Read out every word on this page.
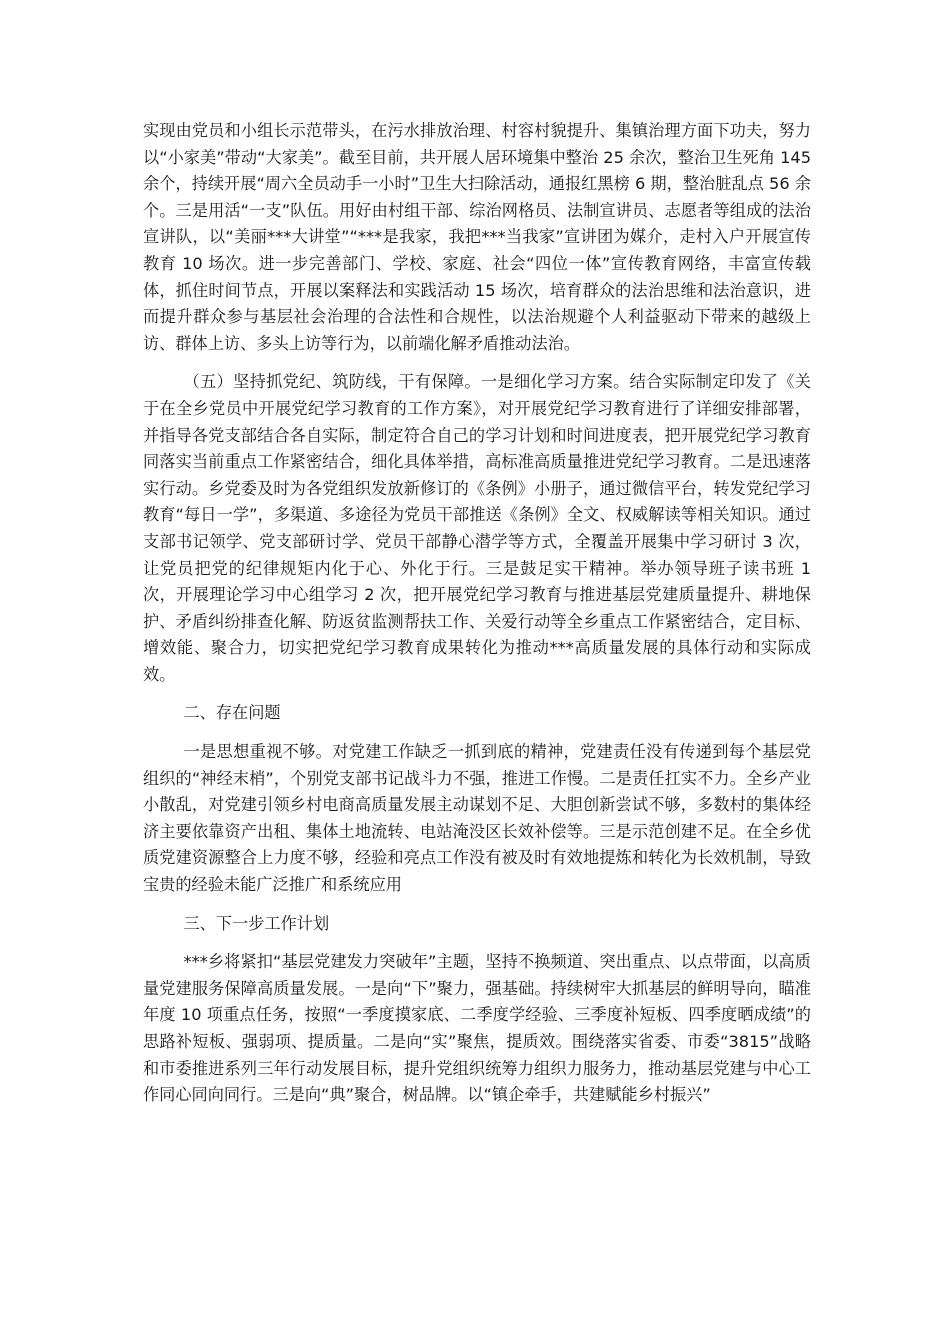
实现由党员和小组长示范带头，在污水排放治理、村容村貌提升、集镇治理方面下功夫，努力以“小家美”带动“大家美”。截至目前，共开展人居环境集中整治 25 余次，整治卫生死角 145 余个，持续开展“周六全员动手一小时”卫生大扫除活动，通报红黑榜 6 期，整治脏乱点 56 余个。三是用活“一支”队伍。用好由村组干部、综治网格员、法制宣讲员、志愿者等组成的法治宣讲队，以“美丽***大讲堂”“***是我家，我把***当我家”宣讲团为媒介，走村入户开展宣传教育 10 场次。进一步完善部门、学校、家庭、社会“四位一体”宣传教育网络，丰富宣传载体，抓住时间节点，开展以案释法和实践活动 15 场次，培育群众的法治思维和法治意识，进而提升群众参与基层社会治理的合法性和合规性，以法治规避个人利益驱动下带来的越级上访、群体上访、多头上访等行为，以前端化解矛盾推动法治。

（五）坚持抓党纪、筑防线，干有保障。一是细化学习方案。结合实际制定印发了《关于在全乡党员中开展党纪学习教育的工作方案》，对开展党纪学习教育进行了详细安排部署，并指导各党支部结合各自实际，制定符合自己的学习计划和时间进度表，把开展党纪学习教育同落实当前重点工作紧密结合，细化具体举措，高标准高质量推进党纪学习教育。二是迅速落实行动。乡党委及时为各党组织发放新修订的《条例》小册子，通过微信平台，转发党纪学习教育“每日一学”，多渠道、多途径为党员干部推送《条例》全文、权威解读等相关知识。通过支部书记领学、党支部研讨学、党员干部静心潜学等方式，全覆盖开展集中学习研讨 3 次，让党员把党的纪律规矩内化于心、外化于行。三是鼓足实干精神。举办领导班子读书班 1 次，开展理论学习中心组学习 2 次，把开展党纪学习教育与推进基层党建质量提升、耕地保护、矛盾纠纷排查化解、防返贫监测帮扶工作、关爱行动等全乡重点工作紧密结合，定目标、增效能、聚合力，切实把党纪学习教育成果转化为推动***高质量发展的具体行动和实际成效。

二、存在问题

一是思想重视不够。对党建工作缺乏一抓到底的精神，党建责任没有传递到每个基层党组织的“神经末梢”，个别党支部书记战斗力不强，推进工作慢。二是责任扛实不力。全乡产业小散乱，对党建引领乡村电商高质量发展主动谋划不足、大胆创新尝试不够，多数村的集体经济主要依靠资产出租、集体土地流转、电站淹没区长效补偿等。三是示范创建不足。在全乡优质党建资源整合上力度不够，经验和亮点工作没有被及时有效地提炼和转化为长效机制，导致宝贵的经验未能广泛推广和系统应用

三、下一步工作计划

***乡将紧扣“基层党建发力突破年”主题，坚持不换频道、突出重点、以点带面，以高质量党建服务保障高质量发展。一是向“下”聚力，强基础。持续树牢大抓基层的鲜明导向，瞄准年度 10 项重点任务，按照“一季度摸家底、二季度学经验、三季度补短板、四季度晒成绩”的思路补短板、强弱项、提质量。二是向“实”聚焦，提质效。围绕落实省委、市委“3815”战略和市委推进系列三年行动发展目标，提升党组织统筹力组织力服务力，推动基层党建与中心工作同心同向同行。三是向“典”聚合，树品牌。以“镇企牵手，共建赋能乡村振兴”
